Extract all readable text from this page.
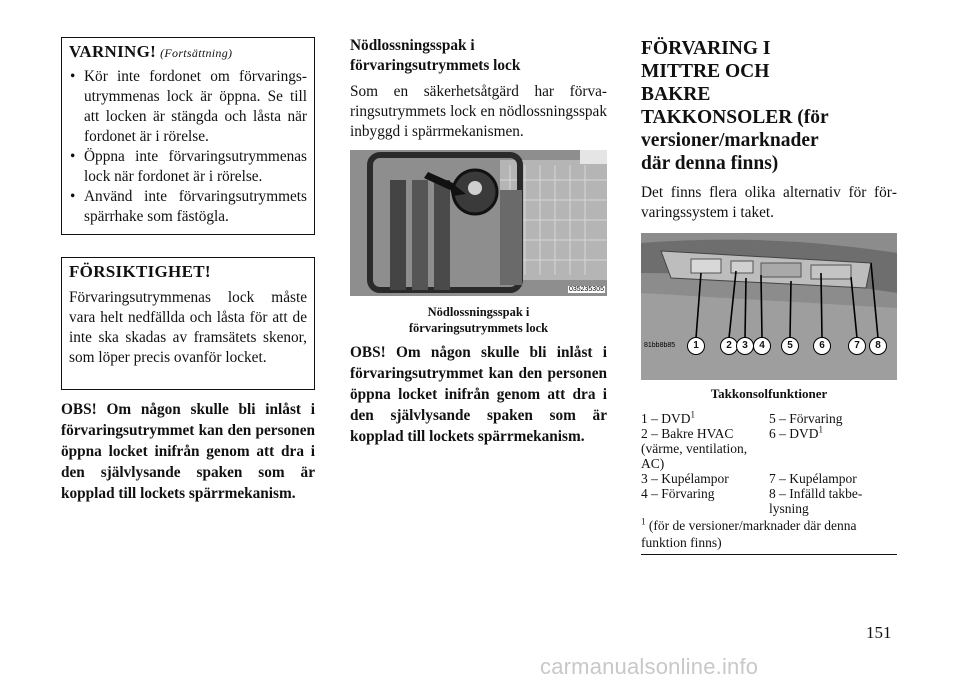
VARNING! (Fortsättning)
• Kör inte fordonet om förvaringsutrymmenas lock är öppna. Se till att locken är stängda och låsta när fordonet är i rörelse.
• Öppna inte förvaringsutrymmenas lock när fordonet är i rörelse.
• Använd inte förvaringsutrymmets spärrhake som fästögla.
FÖRSIKTIGHET!

Förvaringsutrymmenas lock måste vara helt nedfällda och låsta för att de inte ska skadas av framsätets skenor, som löper precis ovanför locket.

OBS! Om någon skulle bli inlåst i förvaringsutrymmet kan den personen öppna locket inifrån genom att dra i den självlysande spaken som är kopplad till lockets spärrmekanism.

Nödlossningsspak i förvaringsutrymmets lock

Som en säkerhetsåtgärd har förvaringsutrymmets lock en nödlossningsspak inbyggd i spärrmekanismen.

035235305

Nödlossningsspak i förvaringsutrymmets lock

OBS! Om någon skulle bli inlåst i förvaringsutrymmet kan den personen öppna locket inifrån genom att dra i den självlysande spaken som är kopplad till lockets spärrmekanism.

FÖRVARING I MITTRE OCH BAKRE TAKKONSOLER (för versioner/marknader där denna finns)

Det finns flera olika alternativ för förvaringssystem i taket.

1	2	3	4	5	6	7	8
81bb8b85

Takkonsolfunktioner

1 – DVD$^1$	5 – Förvaring
2 – Bakre HVAC (värme, ventilation, AC)	6 – DVD$^1$
3 – Kupélampor	7 – Kupélampor
4 – Förvaring	8 – Infälld takbelysning

$^1$ (för de versioner/marknader där denna funktion finns)

151
carmanualsonline.info
